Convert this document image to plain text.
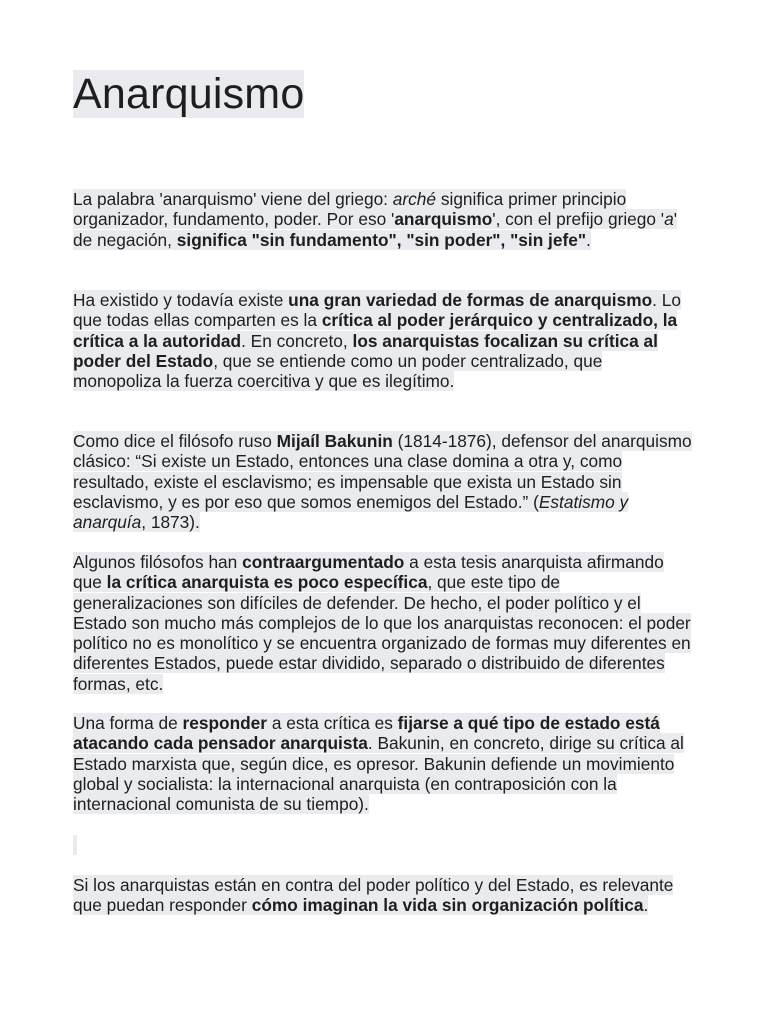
Anarquismo

La palabra 'anarquismo' viene del griego: arché significa primer principio organizador, fundamento, poder. Por eso 'anarquismo', con el prefijo griego 'a' de negación, significa "sin fundamento", "sin poder", "sin jefe".

Ha existido y todavía existe una gran variedad de formas de anarquismo. Lo que todas ellas comparten es la crítica al poder jerárquico y centralizado, la crítica a la autoridad. En concreto, los anarquistas focalizan su crítica al poder del Estado, que se entiende como un poder centralizado, que monopoliza la fuerza coercitiva y que es ilegítimo.

Como dice el filósofo ruso Mijaíl Bakunin (1814-1876), defensor del anarquismo clásico: “Si existe un Estado, entonces una clase domina a otra y, como resultado, existe el esclavismo; es impensable que exista un Estado sin esclavismo, y es por eso que somos enemigos del Estado.” (Estatismo y anarquía, 1873).

Algunos filósofos han contraargumentado a esta tesis anarquista afirmando que la crítica anarquista es poco específica, que este tipo de generalizaciones son difíciles de defender. De hecho, el poder político y el Estado son mucho más complejos de lo que los anarquistas reconocen: el poder político no es monolítico y se encuentra organizado de formas muy diferentes en diferentes Estados, puede estar dividido, separado o distribuido de diferentes formas, etc.

Una forma de responder a esta crítica es fijarse a qué tipo de estado está atacando cada pensador anarquista. Bakunin, en concreto, dirige su crítica al Estado marxista que, según dice, es opresor. Bakunin defiende un movimiento global y socialista: la internacional anarquista (en contraposición con la internacional comunista de su tiempo).

Si los anarquistas están en contra del poder político y del Estado, es relevante que puedan responder cómo imaginan la vida sin organización política.
